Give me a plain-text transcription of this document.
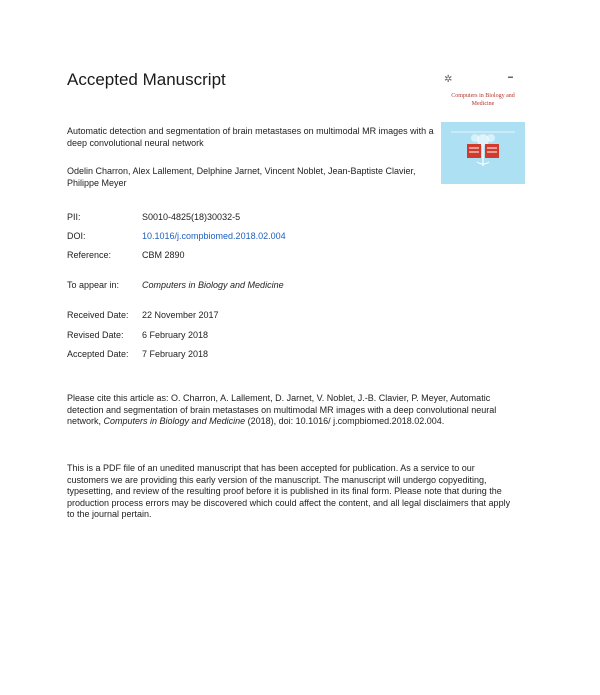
Accepted Manuscript	✲	▬
Computers in Biology and Medicine
Automatic detection and segmentation of brain metastases on multimodal MR images with a deep convolutional neural network
Odelin Charron, Alex Lallement, Delphine Jarnet, Vincent Noblet, Jean-Baptiste Clavier, Philippe Meyer
PII:	S0010-4825(18)30032-5
DOI:	10.1016/j.compbiomed.2018.02.004
Reference:	CBM 2890
To appear in:	Computers in Biology and Medicine
Received Date: 22 November 2017
Revised Date: 6 February 2018
Accepted Date: 7 February 2018
Please cite this article as: O. Charron, A. Lallement, D. Jarnet, V. Noblet, J.-B. Clavier, P. Meyer, Automatic detection and segmentation of brain metastases on multimodal MR images with a deep convolutional neural network, Computers in Biology and Medicine (2018), doi: 10.1016/ j.compbiomed.2018.02.004.
This is a PDF file of an unedited manuscript that has been accepted for publication. As a service to our customers we are providing this early version of the manuscript. The manuscript will undergo copyediting, typesetting, and review of the resulting proof before it is published in its final form. Please note that during the production process errors may be discovered which could affect the content, and all legal disclaimers that apply to the journal pertain.
